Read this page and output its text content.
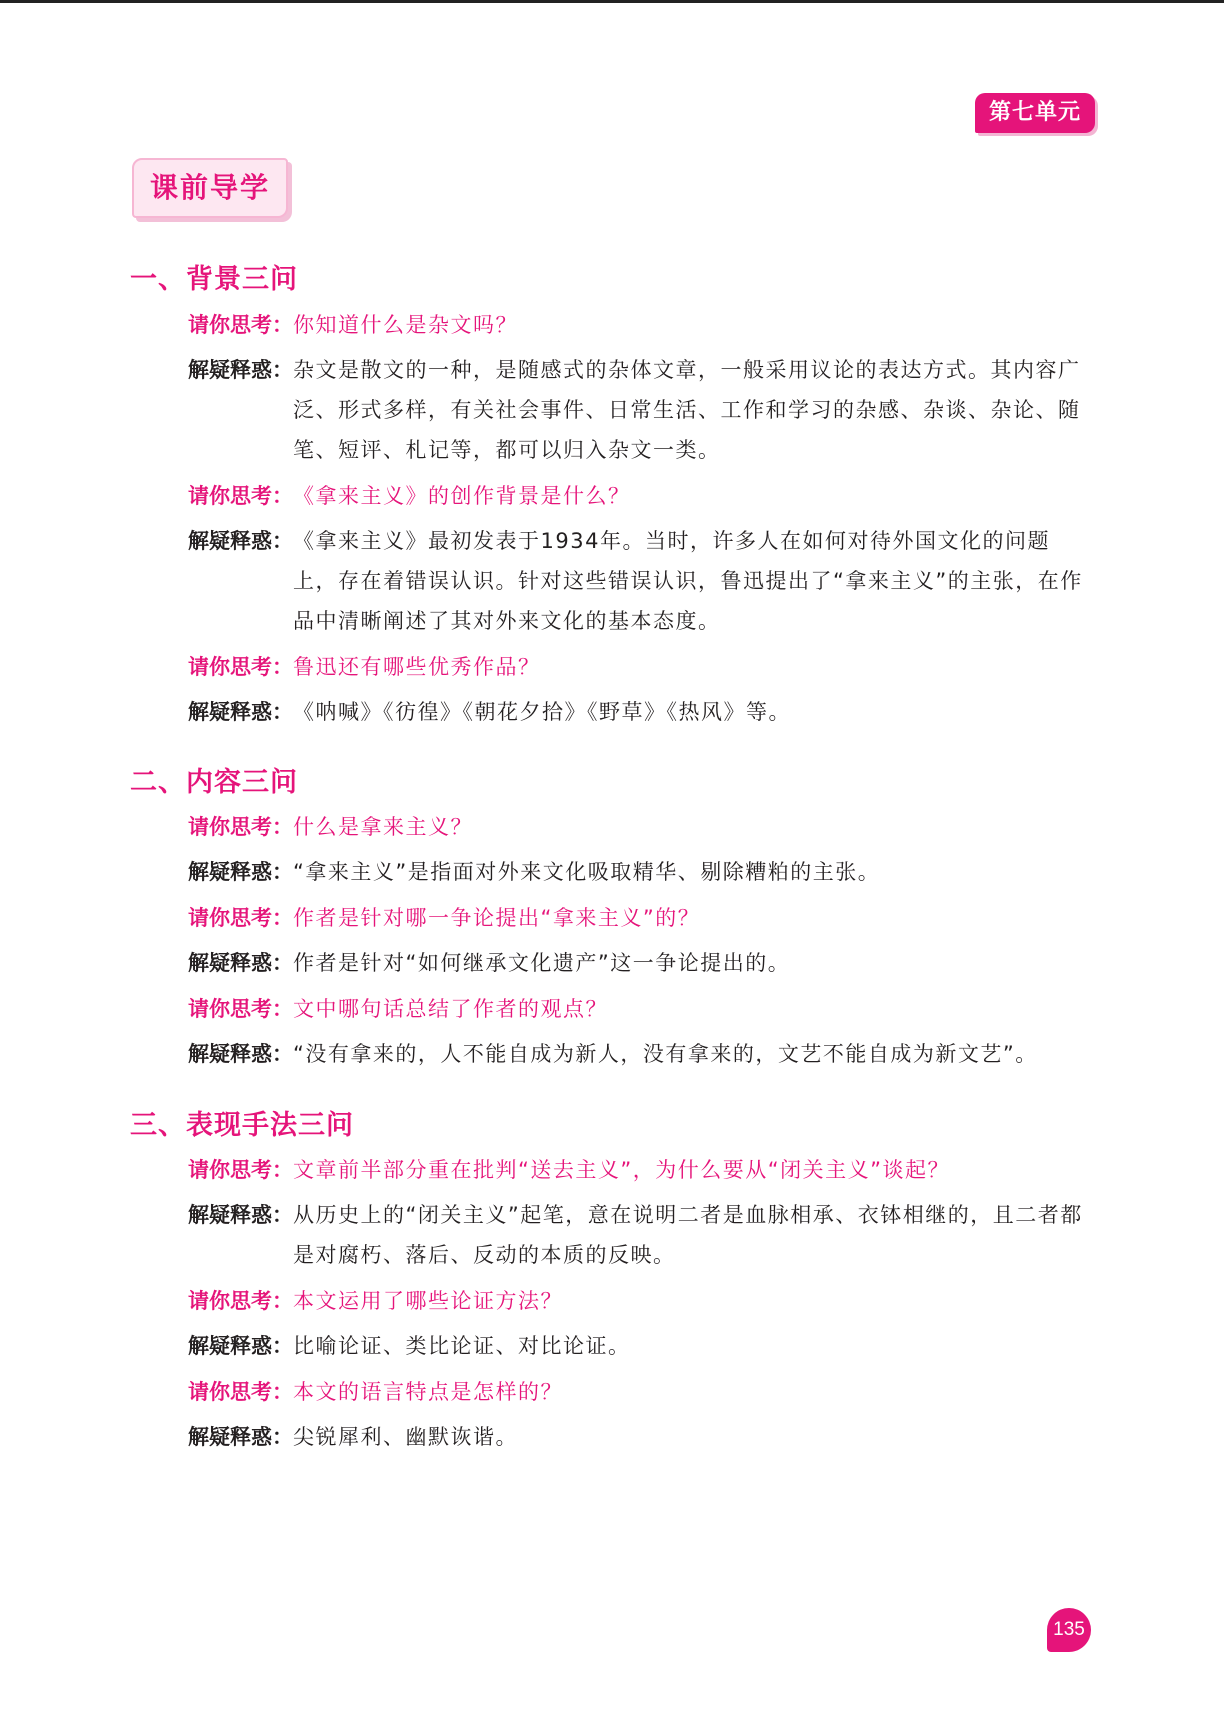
第七单元
课前导学
一、背景三问
请你思考： 你知道什么是杂文吗？
解疑释惑： 杂文是散文的一种，是随感式的杂体文章，一般采用议论的表达方式。其内容广泛、形式多样，有关社会事件、日常生活、工作和学习的杂感、杂谈、杂论、随笔、短评、札记等，都可以归入杂文一类。
请你思考： 《拿来主义》的创作背景是什么？
解疑释惑： 《拿来主义》最初发表于1934年。当时，许多人在如何对待外国文化的问题上，存在着错误认识。针对这些错误认识，鲁迅提出了“拿来主义”的主张，在作品中清晰阐述了其对外来文化的基本态度。
请你思考： 鲁迅还有哪些优秀作品？
解疑释惑： 《呐喊》《彷徨》《朝花夕拾》《野草》《热风》等。
二、内容三问
请你思考： 什么是拿来主义？
解疑释惑： “拿来主义”是指面对外来文化吸取精华、剔除糟粕的主张。
请你思考： 作者是针对哪一争论提出“拿来主义”的？
解疑释惑： 作者是针对“如何继承文化遗产”这一争论提出的。
请你思考： 文中哪句话总结了作者的观点？
解疑释惑： “没有拿来的，人不能自成为新人，没有拿来的，文艺不能自成为新文艺”。
三、表现手法三问
请你思考： 文章前半部分重在批判“送去主义”，为什么要从“闭关主义”谈起？
解疑释惑： 从历史上的“闭关主义”起笔，意在说明二者是血脉相承、衣钵相继的，且二者都是对腐朽、落后、反动的本质的反映。
请你思考： 本文运用了哪些论证方法？
解疑释惑： 比喻论证、类比论证、对比论证。
请你思考： 本文的语言特点是怎样的？
解疑释惑： 尖锐犀利、幽默诙谐。
135
